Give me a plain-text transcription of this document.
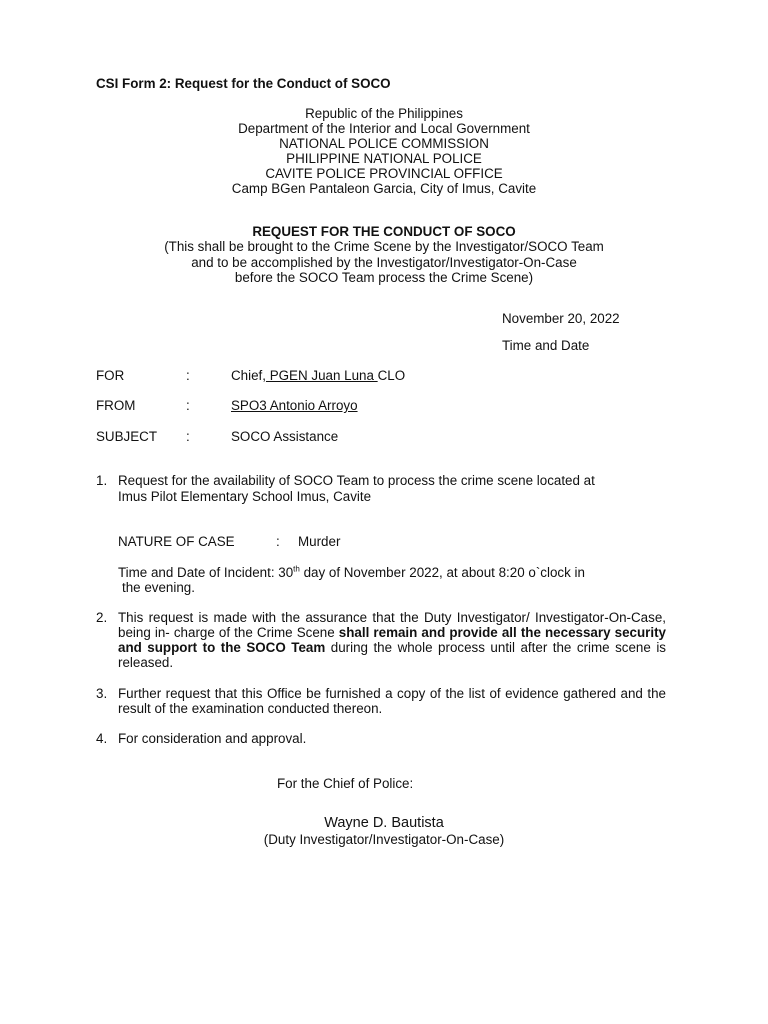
CSI Form 2: Request for the Conduct of SOCO
Republic of the Philippines
Department of the Interior and Local Government
NATIONAL POLICE COMMISSION
PHILIPPINE NATIONAL POLICE
CAVITE POLICE PROVINCIAL OFFICE
Camp BGen Pantaleon Garcia, City of Imus, Cavite
REQUEST FOR THE CONDUCT OF SOCO
(This shall be brought to the Crime Scene by the Investigator/SOCO Team
and to be accomplished by the Investigator/Investigator-On-Case
before the SOCO Team process the Crime Scene)
November 20, 2022
Time and Date
FOR	:	Chief, PGEN Juan Luna CLO
FROM	:	SPO3 Antonio Arroyo
SUBJECT :	SOCO Assistance
1. Request for the availability of SOCO Team to process the crime scene located at
Imus Pilot Elementary School Imus, Cavite
NATURE OF CASE	: Murder
Time and Date of Incident: 30th day of November 2022, at about 8:20 o`clock in
the evening.
2. This request is made with the assurance that the Duty Investigator/ Investigator-On-Case, being in- charge of the Crime Scene shall remain and provide all the necessary security and support to the SOCO Team during the whole process until after the crime scene is released.
3. Further request that this Office be furnished a copy of the list of evidence gathered and the result of the examination conducted thereon.
4. For consideration and approval.
For the Chief of Police:
Wayne D. Bautista
(Duty Investigator/Investigator-On-Case)
